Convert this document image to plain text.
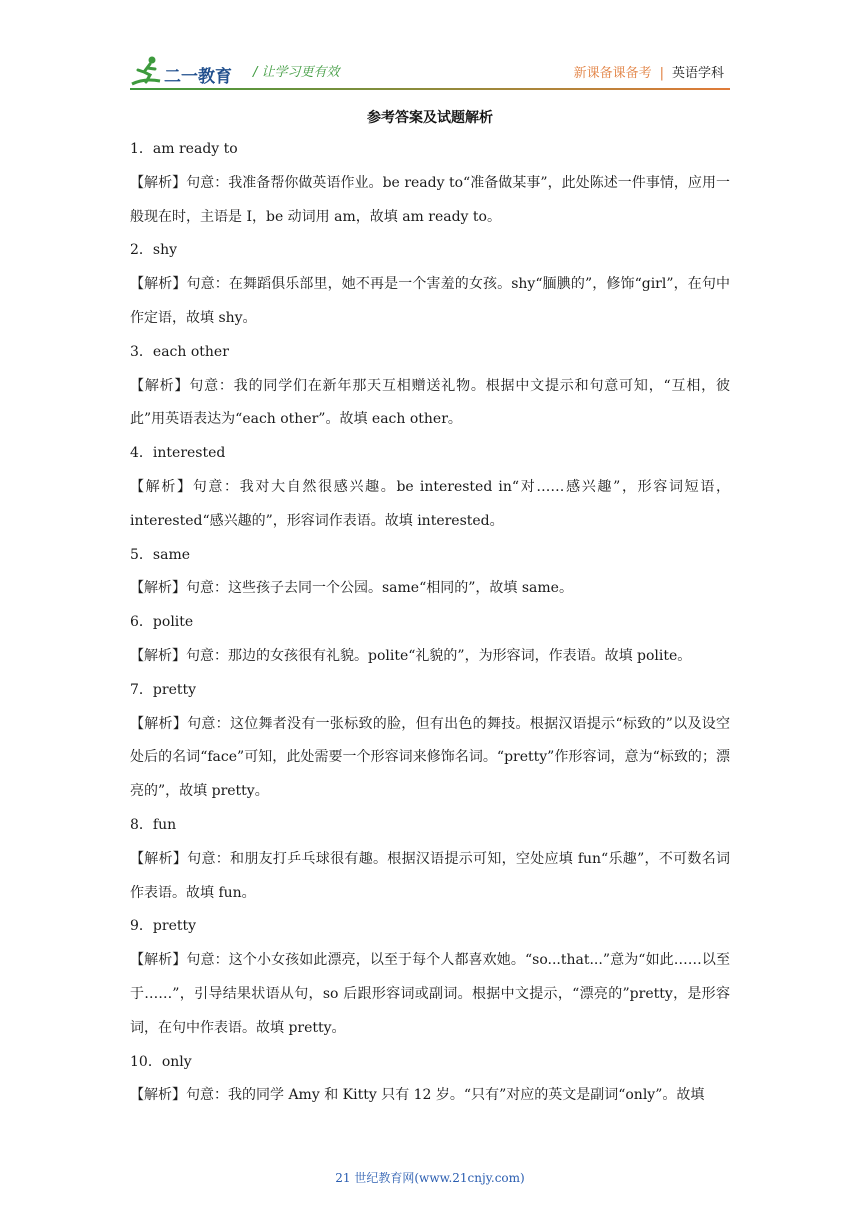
二一教育 / 让学习更有效	新课备课备考 | 英语学科
参考答案及试题解析

1．am ready to

【解析】句意：我准备帮你做英语作业。be ready to“准备做某事”，此处陈述一件事情，应用一般现在时，主语是 I，be 动词用 am，故填 am ready to。

2．shy

【解析】句意：在舞蹈俱乐部里，她不再是一个害羞的女孩。shy“腼腆的”，修饰“girl”，在句中作定语，故填 shy。

3．each other

【解析】句意：我的同学们在新年那天互相赠送礼物。根据中文提示和句意可知，“互相，彼此”用英语表达为“each other”。故填 each other。

4．interested

【解析】句意：我对大自然很感兴趣。be interested in“对……感兴趣”，形容词短语，interested“感兴趣的”，形容词作表语。故填 interested。

5．same

【解析】句意：这些孩子去同一个公园。same“相同的”，故填 same。

6．polite

【解析】句意：那边的女孩很有礼貌。polite“礼貌的”，为形容词，作表语。故填 polite。

7．pretty

【解析】句意：这位舞者没有一张标致的脸，但有出色的舞技。根据汉语提示“标致的”以及设空处后的名词“face”可知，此处需要一个形容词来修饰名词。“pretty”作形容词，意为“标致的；漂亮的”，故填 pretty。

8．fun

【解析】句意：和朋友打乒乓球很有趣。根据汉语提示可知，空处应填 fun“乐趣”，不可数名词作表语。故填 fun。

9．pretty

【解析】句意：这个小女孩如此漂亮，以至于每个人都喜欢她。“so...that...”意为“如此……以至于……”，引导结果状语从句，so 后跟形容词或副词。根据中文提示，“漂亮的”pretty，是形容词，在句中作表语。故填 pretty。

10．only

【解析】句意：我的同学 Amy 和 Kitty 只有 12 岁。“只有”对应的英文是副词“only”。故填

21 世纪教育网(www.21cnjy.com)
